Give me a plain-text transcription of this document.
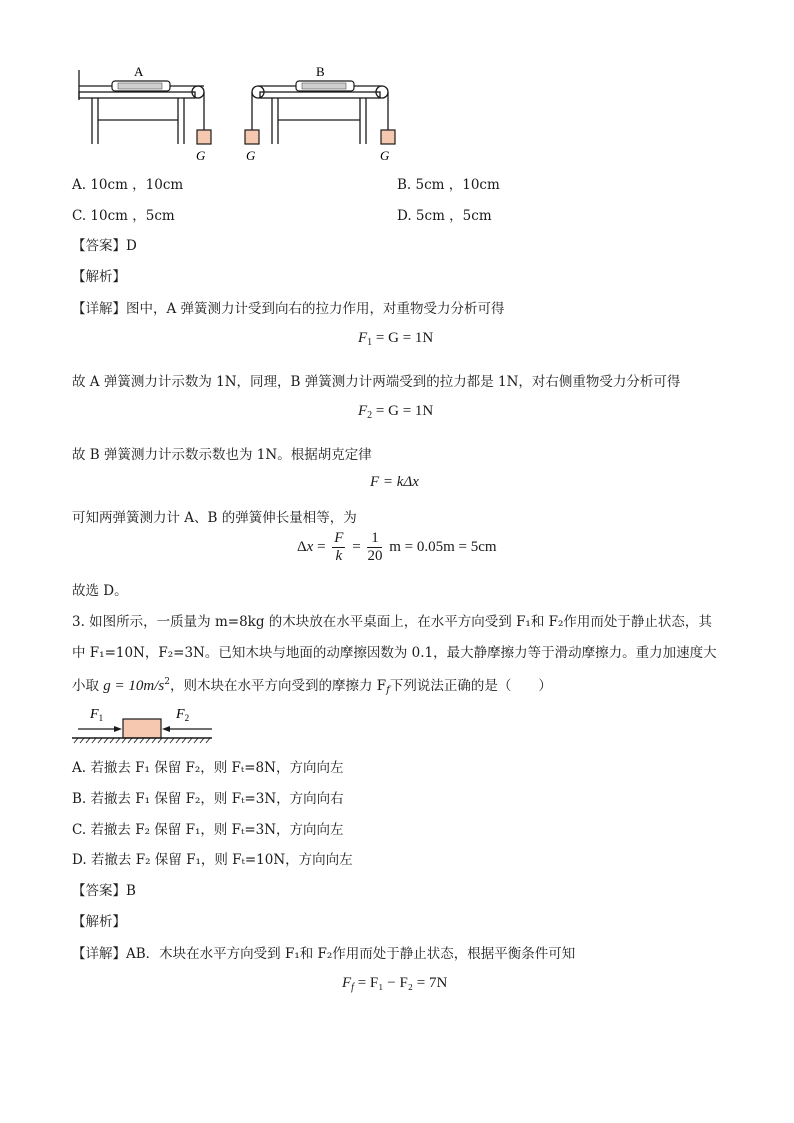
A
G
B
G	G
A. 10cm ，10cm	B. 5cm ，10cm
C. 10cm ，5cm	D. 5cm ，5cm
【答案】D
【解析】
【详解】图中，A 弹簧测力计受到向右的拉力作用，对重物受力分析可得
$F_1 = G = 1N$
故 A 弹簧测力计示数为 1N，同理，B 弹簧测力计两端受到的拉力都是 1N，对右侧重物受力分析可得
$F_2 = G = 1N$
故 B 弹簧测力计示数示数也为 1N。根据胡克定律
F = kΔx
可知两弹簧测力计 A、B 的弹簧伸长量相等，为
$\Delta x = \frac{F}{k} = \frac{1}{20}$ m = 0.05m = 5cm
故选 D。
3. 如图所示，一质量为 m=8kg 的木块放在水平桌面上，在水平方向受到 F₁和 F₂作用而处于静止状态，其
中 F₁=10N，F₂=3N。已知木块与地面的动摩擦因数为 0.1，最大静摩擦力等于滑动摩擦力。重力加速度大
小取 $g = 10m/s^2$，则木块在水平方向受到的摩擦力 $F_f$下列说法正确的是（　　）
$F_1$	$F_2$
A. 若撤去 F₁ 保留 F₂，则 Fₜ=8N，方向向左
B. 若撤去 F₁ 保留 F₂，则 Fₜ=3N，方向向右
C. 若撤去 F₂ 保留 F₁，则 Fₜ=3N，方向向左
D. 若撤去 F₂ 保留 F₁，则 Fₜ=10N，方向向左
【答案】B
【解析】
【详解】AB．木块在水平方向受到 F₁和 F₂作用而处于静止状态，根据平衡条件可知
$F_f = F_1 - F_2 = 7N$
